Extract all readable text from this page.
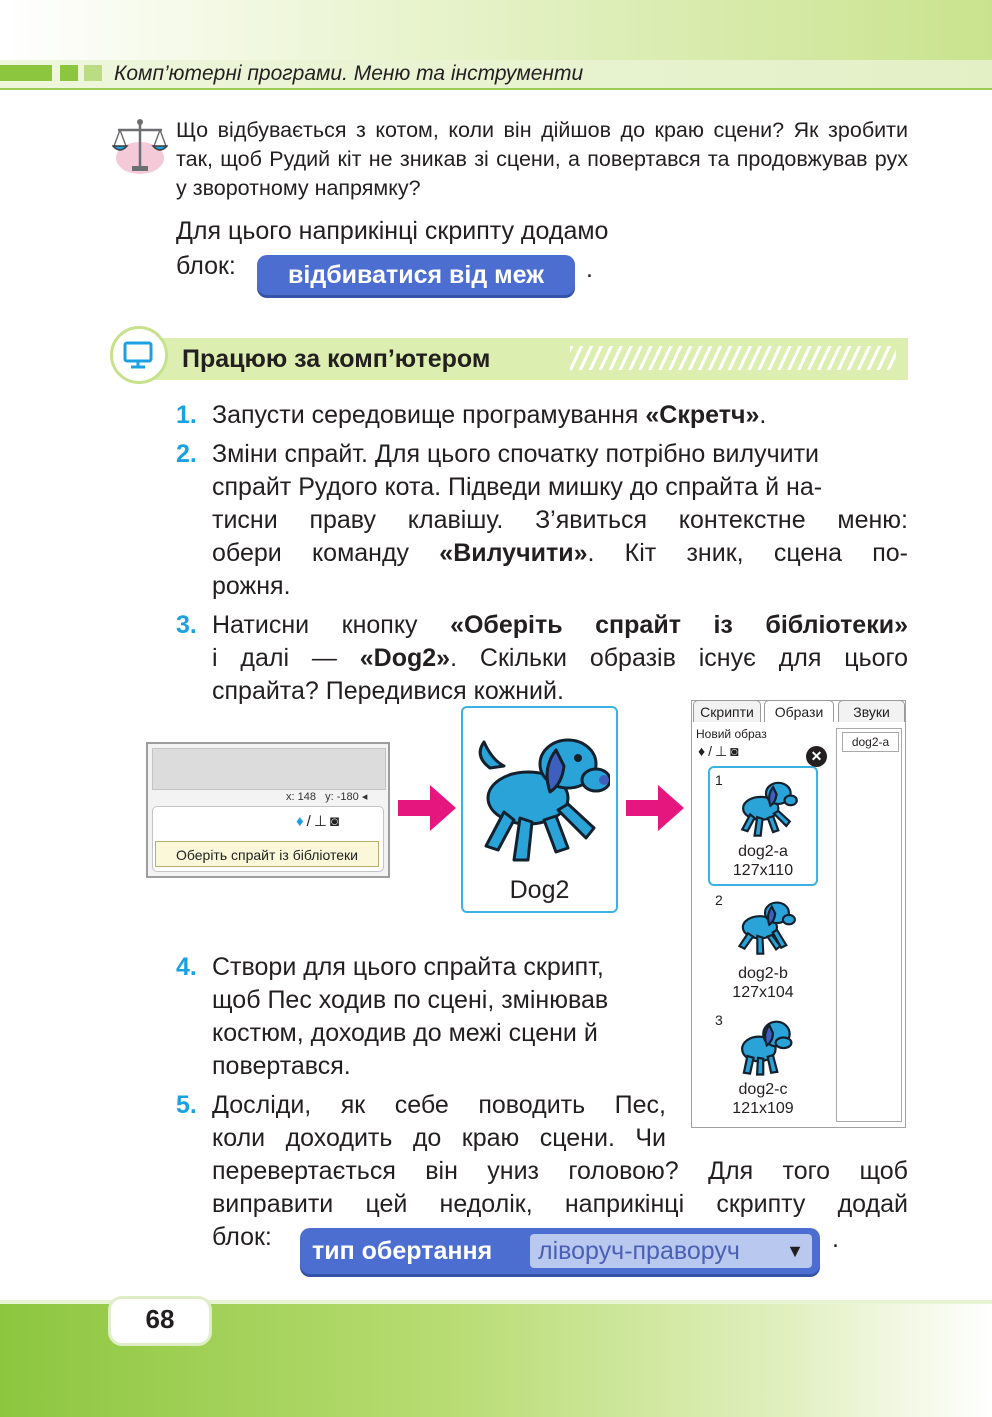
Комп’ютерні програми. Меню та інструменти
Що відбувається з котом, коли він дійшов до краю сцени? Як зробити так, щоб Рудий кіт не зникав зі сцени, а повертався та продовжував рух у зворотному напрямку?
Для цього наприкінці скрипту додамо
блок:	відбиватися від меж	.
Працюю за комп’ютером
1. Запусти середовище програмування «Скретч».
2. Зміни спрайт. Для цього спочатку потрібно вилучити
спрайт Рудого кота. Підведи мишку до спрайта й на-
тисни праву клавішу. З’явиться контекстне меню:
обери команду «Вилучити». Кіт зник, сцена по-
рожня.
3. Натисни кнопку «Оберіть спрайт із бібліотеки»
і далі — «Dog2». Скільки образів існує для цього
спрайта? Передивися кожний.
x: 148 y: -180 ◂
♦/⊥◙
Оберіть спрайт із бібліотеки
Dog2
Скрипти	Образи	Звуки
Новий образ
♦/⊥◙
dog2-a
✕
1
dog2-a
127x110
2
dog2-b
127x104
3
dog2-c
121x109
4. Створи для цього спрайта скрипт,
щоб Пес ходив по сцені, змінював
костюм, доходив до межі сцени й
повертався.
5. Досліди, як себе поводить Пес,
коли доходить до краю сцени. Чи
перевертається він униз головою? Для того щоб
виправити цей недолік, наприкінці скрипту додай
блок: тип обертання	ліворуч-праворуч	▼ .
68
